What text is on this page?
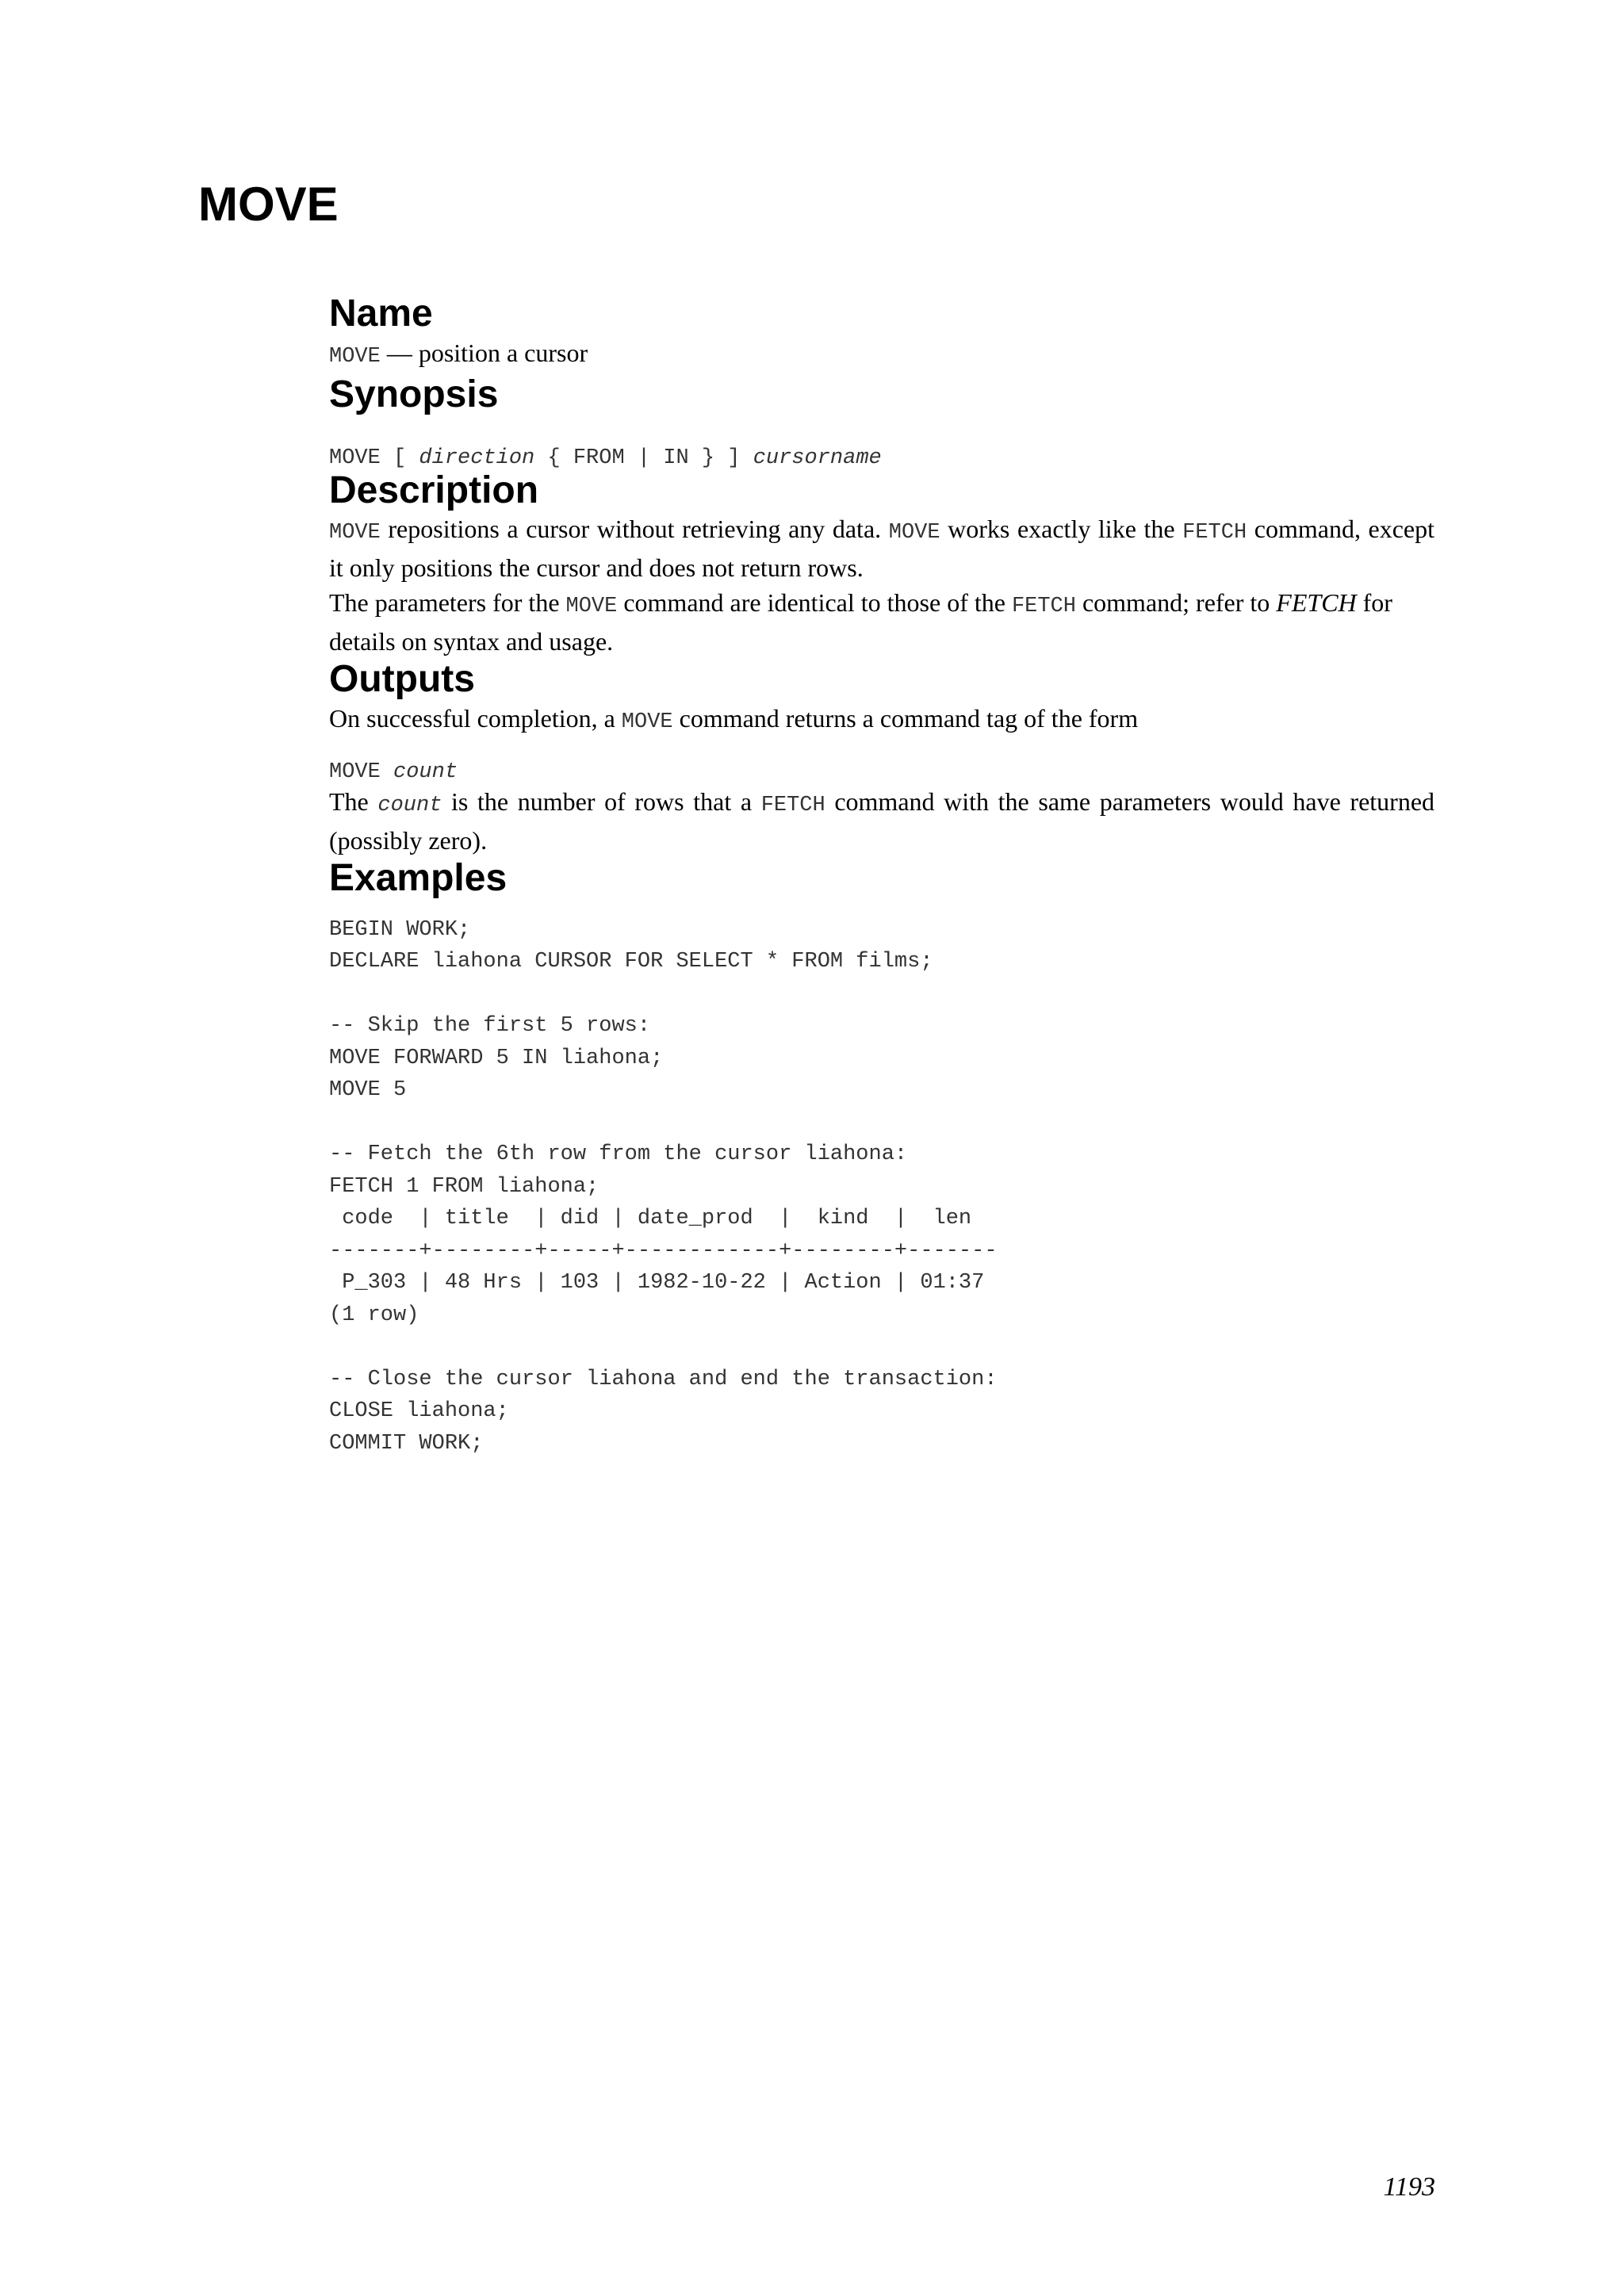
MOVE
Name

MOVE — position a cursor

Synopsis
MOVE [ direction { FROM | IN } ] cursorname
Description

MOVE repositions a cursor without retrieving any data. MOVE works exactly like the FETCH command, except it only positions the cursor and does not return rows.

The parameters for the MOVE command are identical to those of the FETCH command; refer to FETCH for details on syntax and usage.

Outputs

On successful completion, a MOVE command returns a command tag of the form

MOVE count

The count is the number of rows that a FETCH command with the same parameters would have returned (possibly zero).

Examples
BEGIN WORK;
DECLARE liahona CURSOR FOR SELECT * FROM films;

-- Skip the first 5 rows:
MOVE FORWARD 5 IN liahona;
MOVE 5

-- Fetch the 6th row from the cursor liahona:
FETCH 1 FROM liahona;
code  | title  | did | date_prod  |  kind  |  len
-------+--------+-----+------------+--------+-------
P_303 | 48 Hrs | 103 | 1982-10-22 | Action | 01:37
(1 row)

-- Close the cursor liahona and end the transaction:
CLOSE liahona;
COMMIT WORK;
1193
